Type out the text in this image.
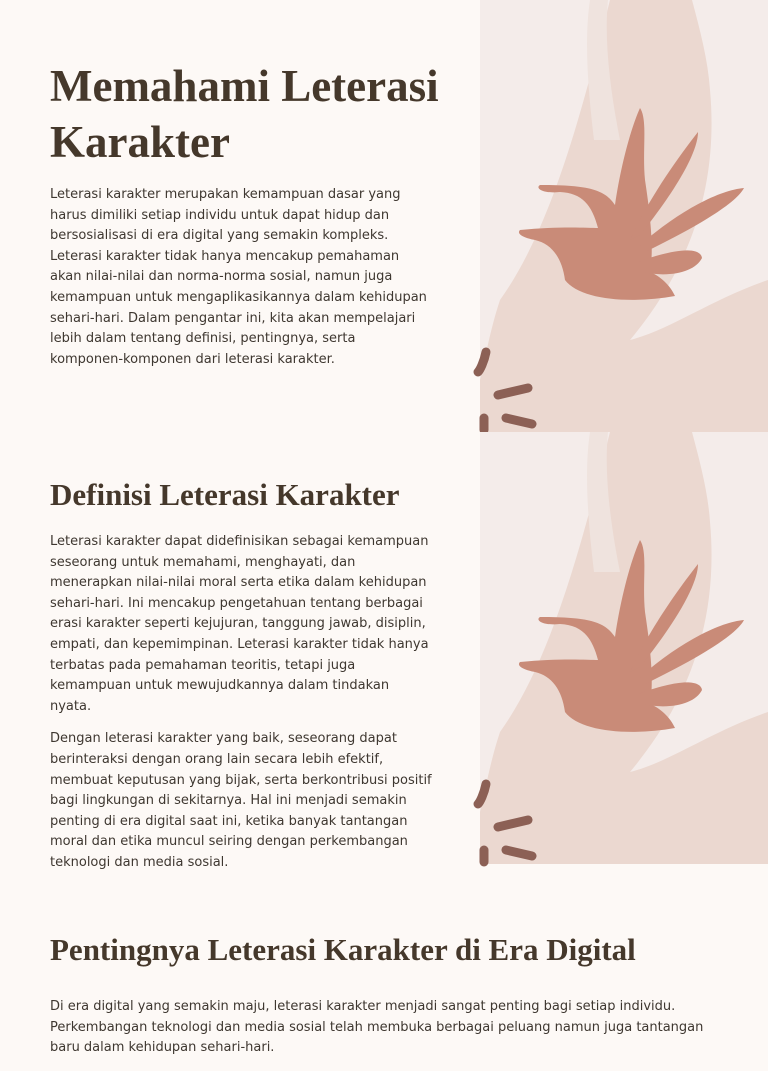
Memahami Leterasi Karakter

Leterasi karakter merupakan kemampuan dasar yang harus dimiliki setiap individu untuk dapat hidup dan bersosialisasi di era digital yang semakin kompleks. Leterasi karakter tidak hanya mencakup pemahaman akan nilai-nilai dan norma-norma sosial, namun juga kemampuan untuk mengaplikasikannya dalam kehidupan sehari-hari. Dalam pengantar ini, kita akan mempelajari lebih dalam tentang definisi, pentingnya, serta komponen-komponen dari leterasi karakter.

Definisi Leterasi Karakter

Leterasi karakter dapat didefinisikan sebagai kemampuan seseorang untuk memahami, menghayati, dan menerapkan nilai-nilai moral serta etika dalam kehidupan sehari-hari. Ini mencakup pengetahuan tentang berbagai erasi karakter seperti kejujuran, tanggung jawab, disiplin, empati, dan kepemimpinan. Leterasi karakter tidak hanya terbatas pada pemahaman teoritis, tetapi juga kemampuan untuk mewujudkannya dalam tindakan nyata.

Dengan leterasi karakter yang baik, seseorang dapat berinteraksi dengan orang lain secara lebih efektif, membuat keputusan yang bijak, serta berkontribusi positif bagi lingkungan di sekitarnya. Hal ini menjadi semakin penting di era digital saat ini, ketika banyak tantangan moral dan etika muncul seiring dengan perkembangan teknologi dan media sosial.

Pentingnya Leterasi Karakter di Era Digital

Di era digital yang semakin maju, leterasi karakter menjadi sangat penting bagi setiap individu. Perkembangan teknologi dan media sosial telah membuka berbagai peluang namun juga tantangan baru dalam kehidupan sehari-hari.
